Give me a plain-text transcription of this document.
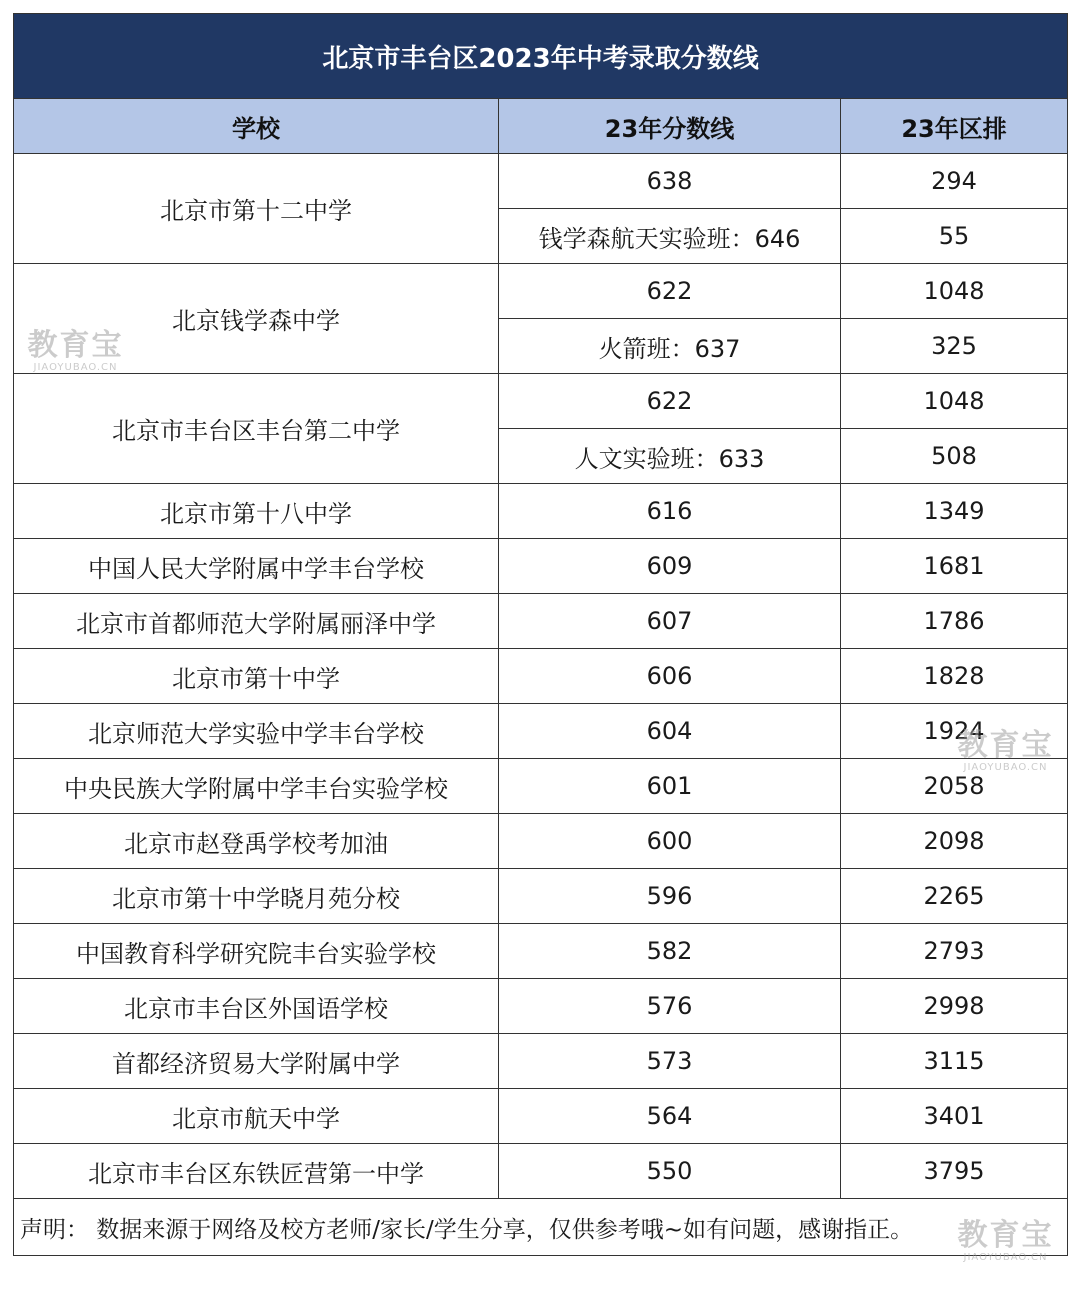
北京市丰台区2023年中考录取分数线		
学校	23年分数线	23年区排
北京市第十二中学	638	294
	钱学森航天实验班：646	55
北京钱学森中学	622	1048
	火箭班：637	325
北京市丰台区丰台第二中学	622	1048
	人文实验班：633	508
北京市第十八中学	616	1349
中国人民大学附属中学丰台学校	609	1681
北京市首都师范大学附属丽泽中学	607	1786
北京市第十中学	606	1828
北京师范大学实验中学丰台学校	604	1924
中央民族大学附属中学丰台实验学校	601	2058
北京市赵登禹学校考加油	600	2098
北京市第十中学晓月苑分校	596	2265
中国教育科学研究院丰台实验学校	582	2793
北京市丰台区外国语学校	576	2998
首都经济贸易大学附属中学	573	3115
北京市航天中学	564	3401
北京市丰台区东铁匠营第一中学	550	3795
声明： 数据来源于网络及校方老师/家长/学生分享，仅供参考哦~如有问题，感谢指正。		
教育宝
JIAOYUBAO.CN
教育宝
JIAOYUBAO.CN
教育宝
JIAOYUBAO.CN
